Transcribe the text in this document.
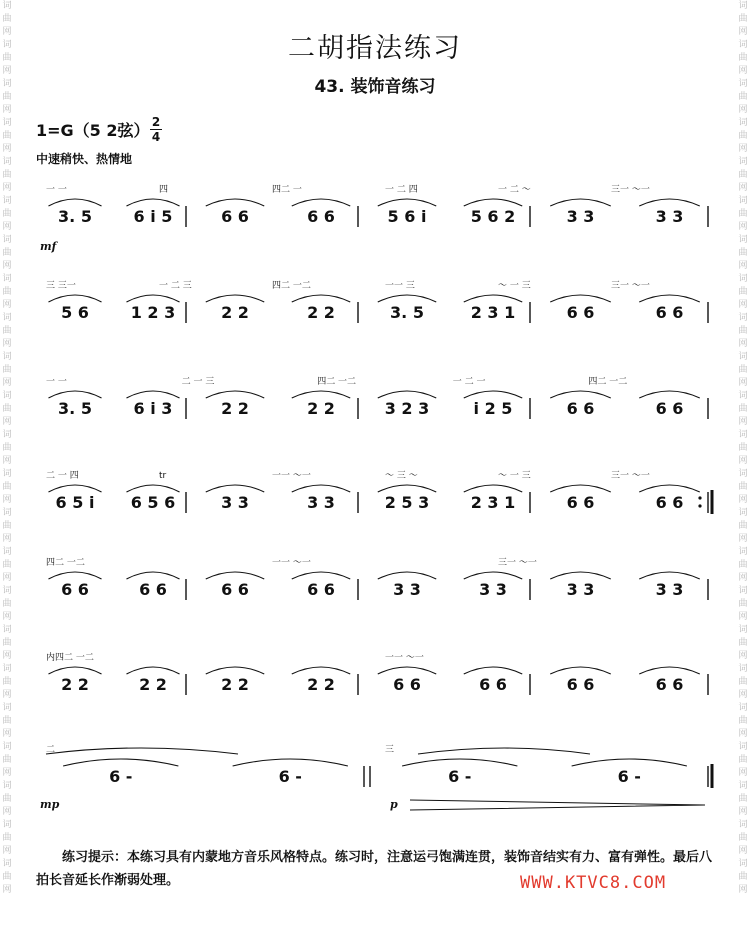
词曲网词曲网词曲网词曲网词曲网词曲网词曲网词曲网词曲网词曲网词曲网词曲网词曲网词曲网词曲网词曲网词曲网词曲网词曲网词曲网词曲网词曲网词曲网
词曲网词曲网词曲网词曲网词曲网词曲网词曲网词曲网词曲网词曲网词曲网词曲网词曲网词曲网词曲网词曲网词曲网词曲网词曲网词曲网词曲网词曲网词曲网
二胡指法练习
43. 装饰音练习
1=G（5 2弦） 2
4
中速稍快、热情地
一 一	四	四二 一	一 二 四	一 二 ～	三一 ～一
3. 5	6 i 5	6 6	6 6	5 6 i	5 6 2	3 3	3 3
三 三一	一 二 三	四二 一二	一一 三	～ 一 三	三一 ～一
5 6	1 2 3	2 2	2 2	3. 5	2 3 1	6 6	6 6
一 一	二 一 三	四二 一二	一 二 一	四二 一二
3. 5	6 i 3	2 2	2 2	3 2 3	i 2 5	6 6	6 6
二 一 四	tr	一一 ～一	～ 三 ～	～ 一 三	三一 ～一
6 5 i 6 5 6	3 3	3 3	2 5 3	2 3 1	6 6	6 6
四二 一二	一一 ～一	三一 ～一
6 6	6 6	6 6	6 6	3 3	3 3	3 3	3 3
内四二 一二	一一 ～一
2 2	2 2	2 2	2 2	6 6	6 6	6 6	6 6
二	三
6 -	6 -	6 -	6 -
mf
mp	p
练习提示：本练习具有内蒙地方音乐风格特点。练习时，注意运弓饱满连贯，装饰音结实有力、富有弹性。最后八拍长音延长作渐弱处理。	WWW.KTVC8.COM
